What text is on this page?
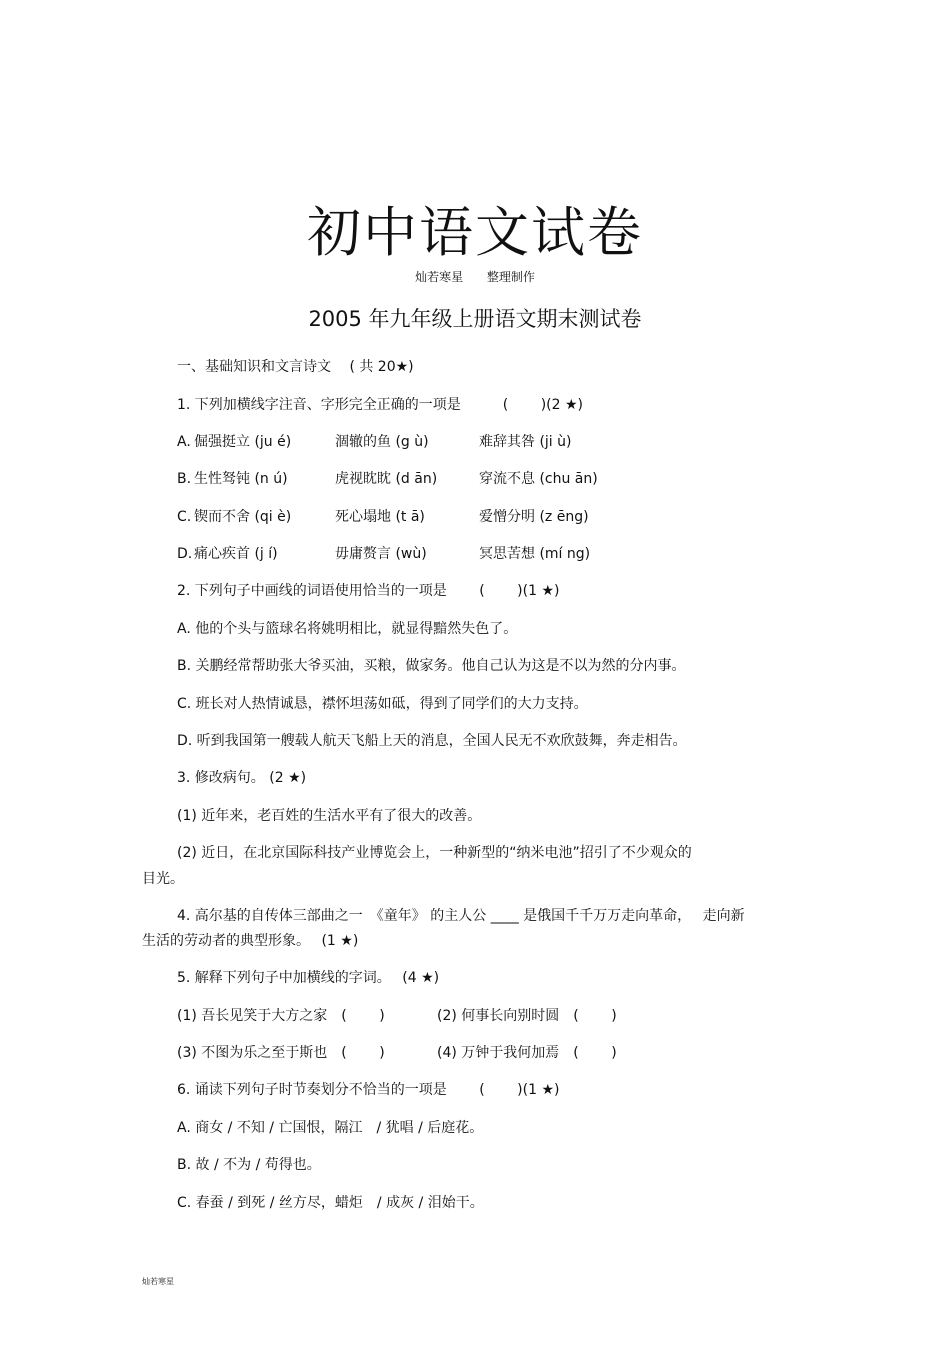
初中语文试卷
灿若寒星 整理制作
2005 年九年级上册语文期末测试卷
一、基础知识和文言诗文　 ( 共 20★)
1. 下列加横线字注音、字形完全正确的一项是　　　(　　 )(2 ★)
A. 倔强挺立 (ju é)	涸辙的鱼 (g ù)	难辞其咎 (ji ù)
B. 生性驽钝 (n ú)	虎视眈眈 (d ān)	穿流不息 (chu ān)
C. 锲而不舍 (qi è)	死心塌地 (t ā)	爱憎分明 (z ēng)
D. 痛心疾首 (j í)	毋庸赘言 (wù)	冥思苦想 (mí ng)
2. 下列句子中画线的词语使用恰当的一项是　　 (　　 )(1 ★)
A. 他的个头与篮球名将姚明相比，就显得黯然失色了。
B. 关鹏经常帮助张大爷买油，买粮，做家务。他自己认为这是不以为然的分内事。
C. 班长对人热情诚恳，襟怀坦荡如砥，得到了同学们的大力支持。
D. 听到我国第一艘载人航天飞船上天的消息，全国人民无不欢欣鼓舞，奔走相告。
3. 修改病句。 (2 ★)
(1) 近年来，老百姓的生活水平有了很大的改善。
(2) 近日，在北京国际科技产业博览会上，一种新型的“纳米电池”招引了不少观众的
目光。
4. 高尔基的自传体三部曲之一　《童年》 的主人公 ____ 是俄国千千万万走向革命，　 走向新
生活的劳动者的典型形象。　 (1 ★)
5. 解释下列句子中加横线的字词。　 (4 ★)
(1) 吾长见笑于大方之家　(　　 )	(2) 何事长向别时圆　(　　 )
(3) 不图为乐之至于斯也　(　　 )	(4) 万钟于我何加焉　(　　 )
6. 诵读下列句子时节奏划分不恰当的一项是　　 (　　 )(1 ★)
A. 商女 / 不知 / 亡国恨，隔江　/ 犹唱 / 后庭花。
B. 故 / 不为 / 苟得也。
C. 春蚕 / 到死 / 丝方尽，蜡炬　/ 成灰 / 泪始干。
灿若寒星
